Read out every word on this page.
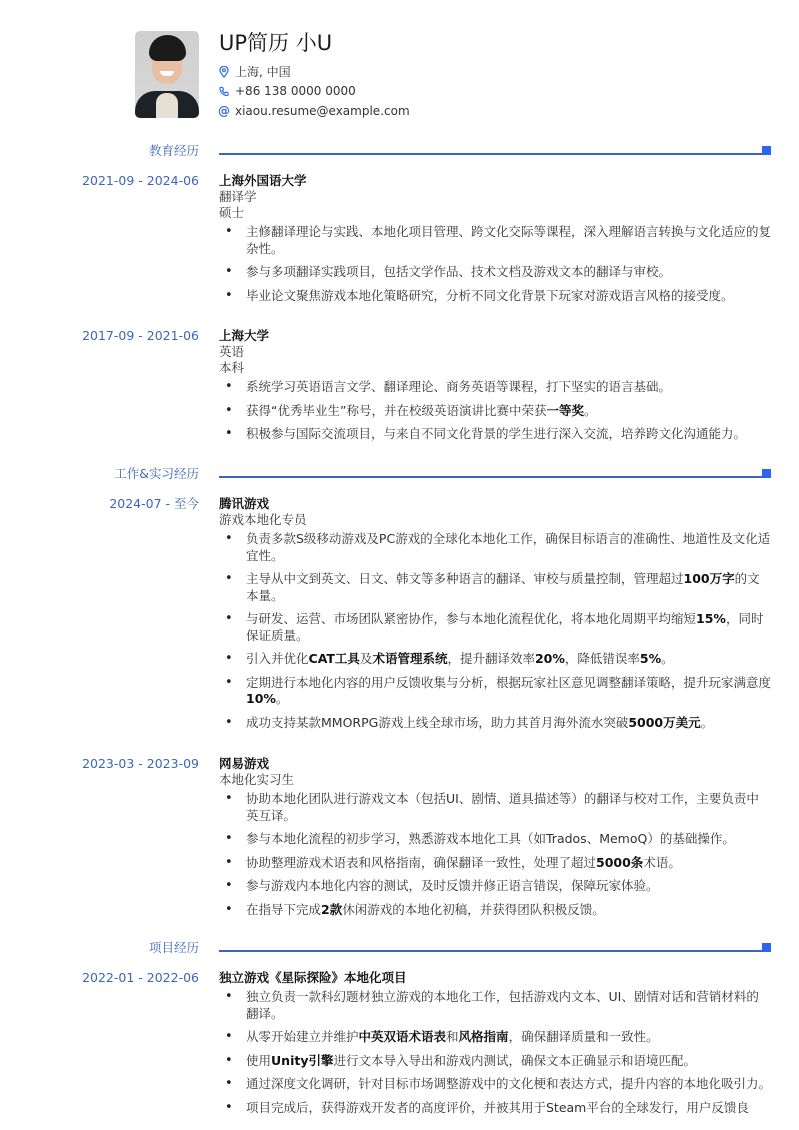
UP简历 小U
上海, 中国
+86 138 0000 0000
@ xiaou.resume@example.com
教育经历
2021-09 - 2024-06 上海外国语大学
翻译学
硕士
• 主修翻译理论与实践、本地化项目管理、跨文化交际等课程，深入理解语言转换与文化适应的复杂性。
• 参与多项翻译实践项目，包括文学作品、技术文档及游戏文本的翻译与审校。
• 毕业论文聚焦游戏本地化策略研究，分析不同文化背景下玩家对游戏语言风格的接受度。
2017-09 - 2021-06 上海大学
英语
本科
• 系统学习英语语言文学、翻译理论、商务英语等课程，打下坚实的语言基础。
• 获得“优秀毕业生”称号，并在校级英语演讲比赛中荣获一等奖。
• 积极参与国际交流项目，与来自不同文化背景的学生进行深入交流，培养跨文化沟通能力。
工作&实习经历
2024-07 - 至今 腾讯游戏
游戏本地化专员
• 负责多款S级移动游戏及PC游戏的全球化本地化工作，确保目标语言的准确性、地道性及文化适宜性。
• 主导从中文到英文、日文、韩文等多种语言的翻译、审校与质量控制，管理超过100万字的文本量。
• 与研发、运营、市场团队紧密协作，参与本地化流程优化，将本地化周期平均缩短15%，同时保证质量。
• 引入并优化CAT工具及术语管理系统，提升翻译效率20%，降低错误率5%。
• 定期进行本地化内容的用户反馈收集与分析，根据玩家社区意见调整翻译策略，提升玩家满意度10%。
• 成功支持某款MMORPG游戏上线全球市场，助力其首月海外流水突破5000万美元。
2023-03 - 2023-09 网易游戏
本地化实习生
• 协助本地化团队进行游戏文本（包括UI、剧情、道具描述等）的翻译与校对工作，主要负责中英互译。
• 参与本地化流程的初步学习，熟悉游戏本地化工具（如Trados、MemoQ）的基础操作。
• 协助整理游戏术语表和风格指南，确保翻译一致性，处理了超过5000条术语。
• 参与游戏内本地化内容的测试，及时反馈并修正语言错误，保障玩家体验。
• 在指导下完成2款休闲游戏的本地化初稿，并获得团队积极反馈。
项目经历
2022-01 - 2022-06 独立游戏《星际探险》本地化项目
• 独立负责一款科幻题材独立游戏的本地化工作，包括游戏内文本、UI、剧情对话和营销材料的翻译。
• 从零开始建立并维护中英双语术语表和风格指南，确保翻译质量和一致性。
• 使用Unity引擎进行文本导入导出和游戏内测试，确保文本正确显示和语境匹配。
• 通过深度文化调研，针对目标市场调整游戏中的文化梗和表达方式，提升内容的本地化吸引力。
• 项目完成后，获得游戏开发者的高度评价，并被其用于Steam平台的全球发行，用户反馈良
